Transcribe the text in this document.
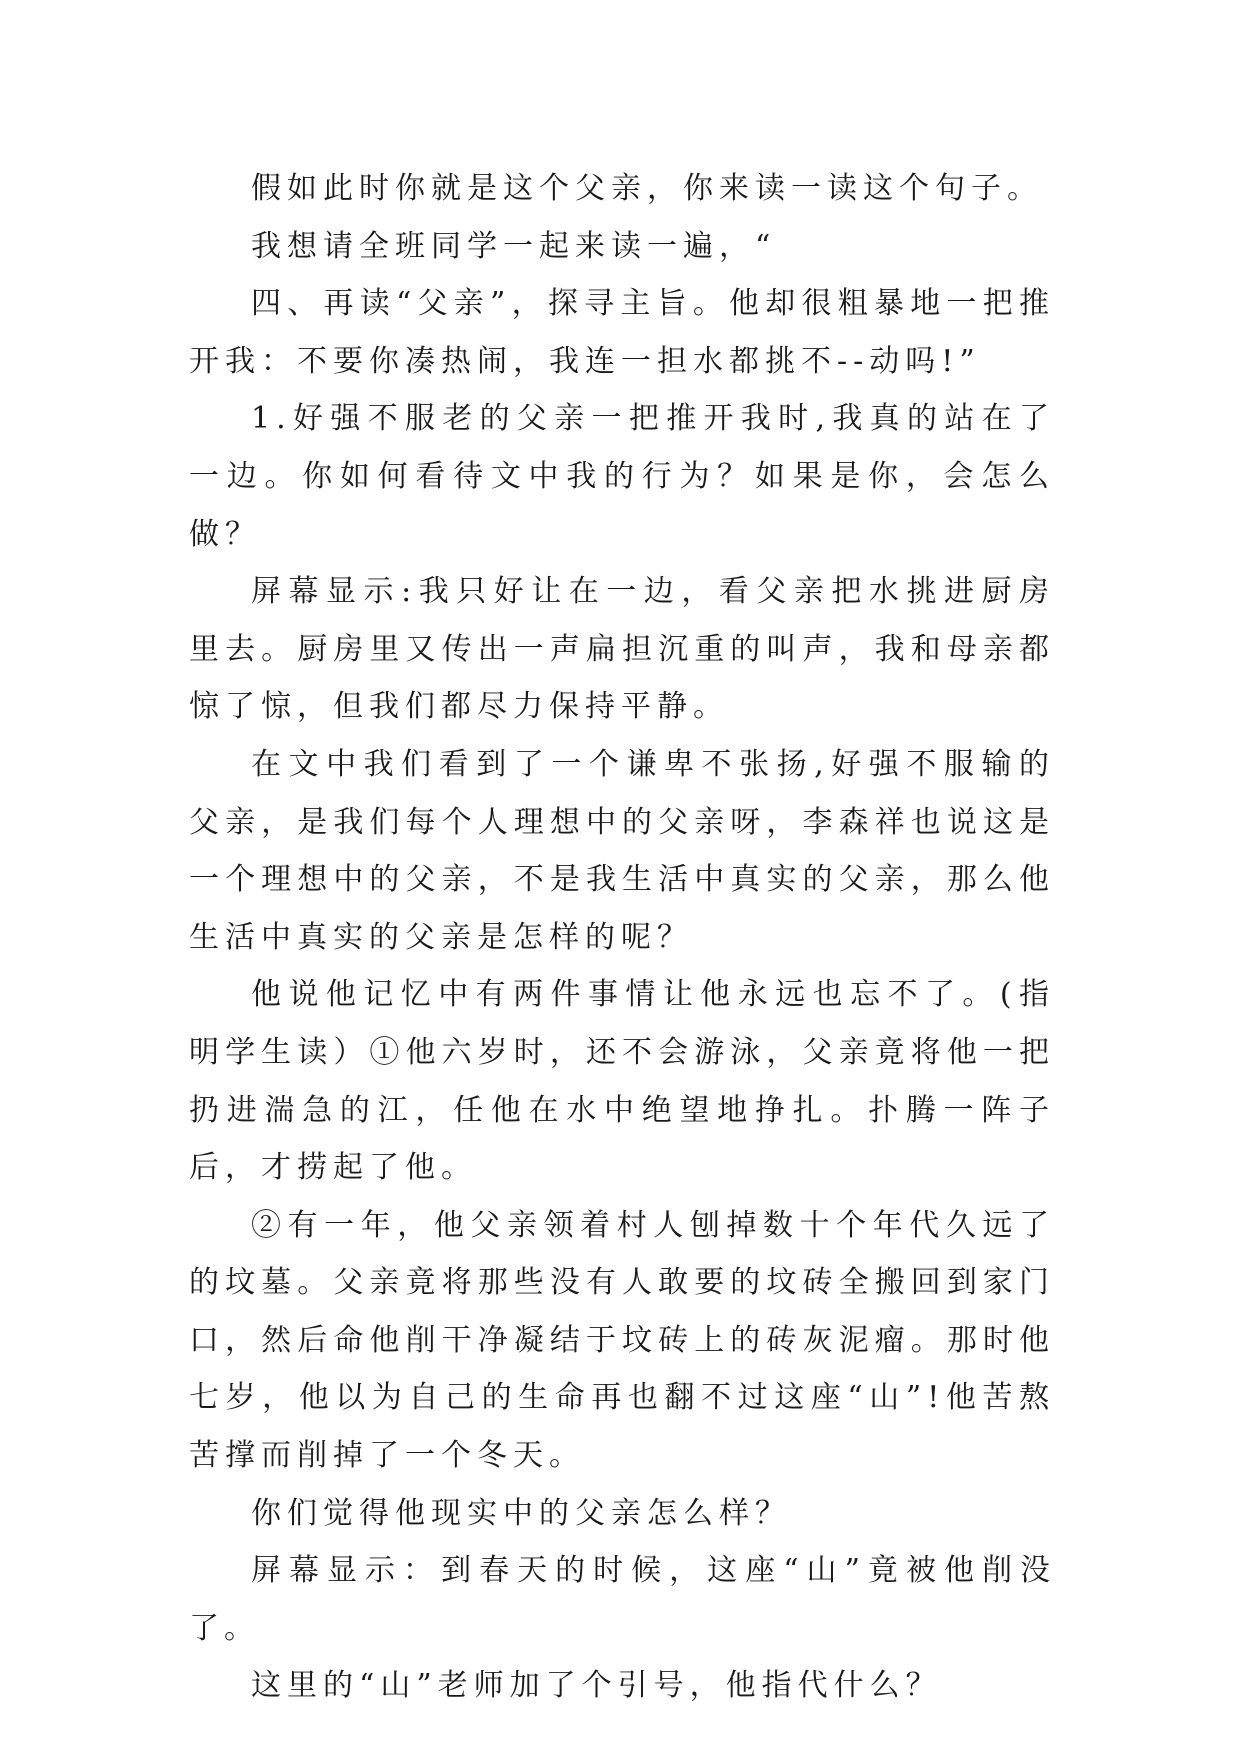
假如此时你就是这个父亲，你来读一读这个句子。

我想请全班同学一起来读一遍，“

四、再读“父亲”，探寻主旨。他却很粗暴地一把推开我：不要你凑热闹，我连一担水都挑不--动吗!”

1.好强不服老的父亲一把推开我时,我真的站在了一边。你如何看待文中我的行为？如果是你，会怎么做？

屏幕显示:我只好让在一边，看父亲把水挑进厨房里去。厨房里又传出一声扁担沉重的叫声，我和母亲都惊了惊，但我们都尽力保持平静。

在文中我们看到了一个谦卑不张扬,好强不服输的父亲，是我们每个人理想中的父亲呀，李森祥也说这是一个理想中的父亲，不是我生活中真实的父亲，那么他生活中真实的父亲是怎样的呢？

他说他记忆中有两件事情让他永远也忘不了。(指明学生读）①他六岁时，还不会游泳，父亲竟将他一把扔进湍急的江，任他在水中绝望地挣扎。扑腾一阵子后，才捞起了他。

②有一年，他父亲领着村人刨掉数十个年代久远了的坟墓。父亲竟将那些没有人敢要的坟砖全搬回到家门口，然后命他削干净凝结于坟砖上的砖灰泥瘤。那时他七岁，他以为自己的生命再也翻不过这座“山”!他苦熬苦撑而削掉了一个冬天。

你们觉得他现实中的父亲怎么样？

屏幕显示：到春天的时候，这座“山”竟被他削没了。

这里的“山”老师加了个引号，他指代什么？
